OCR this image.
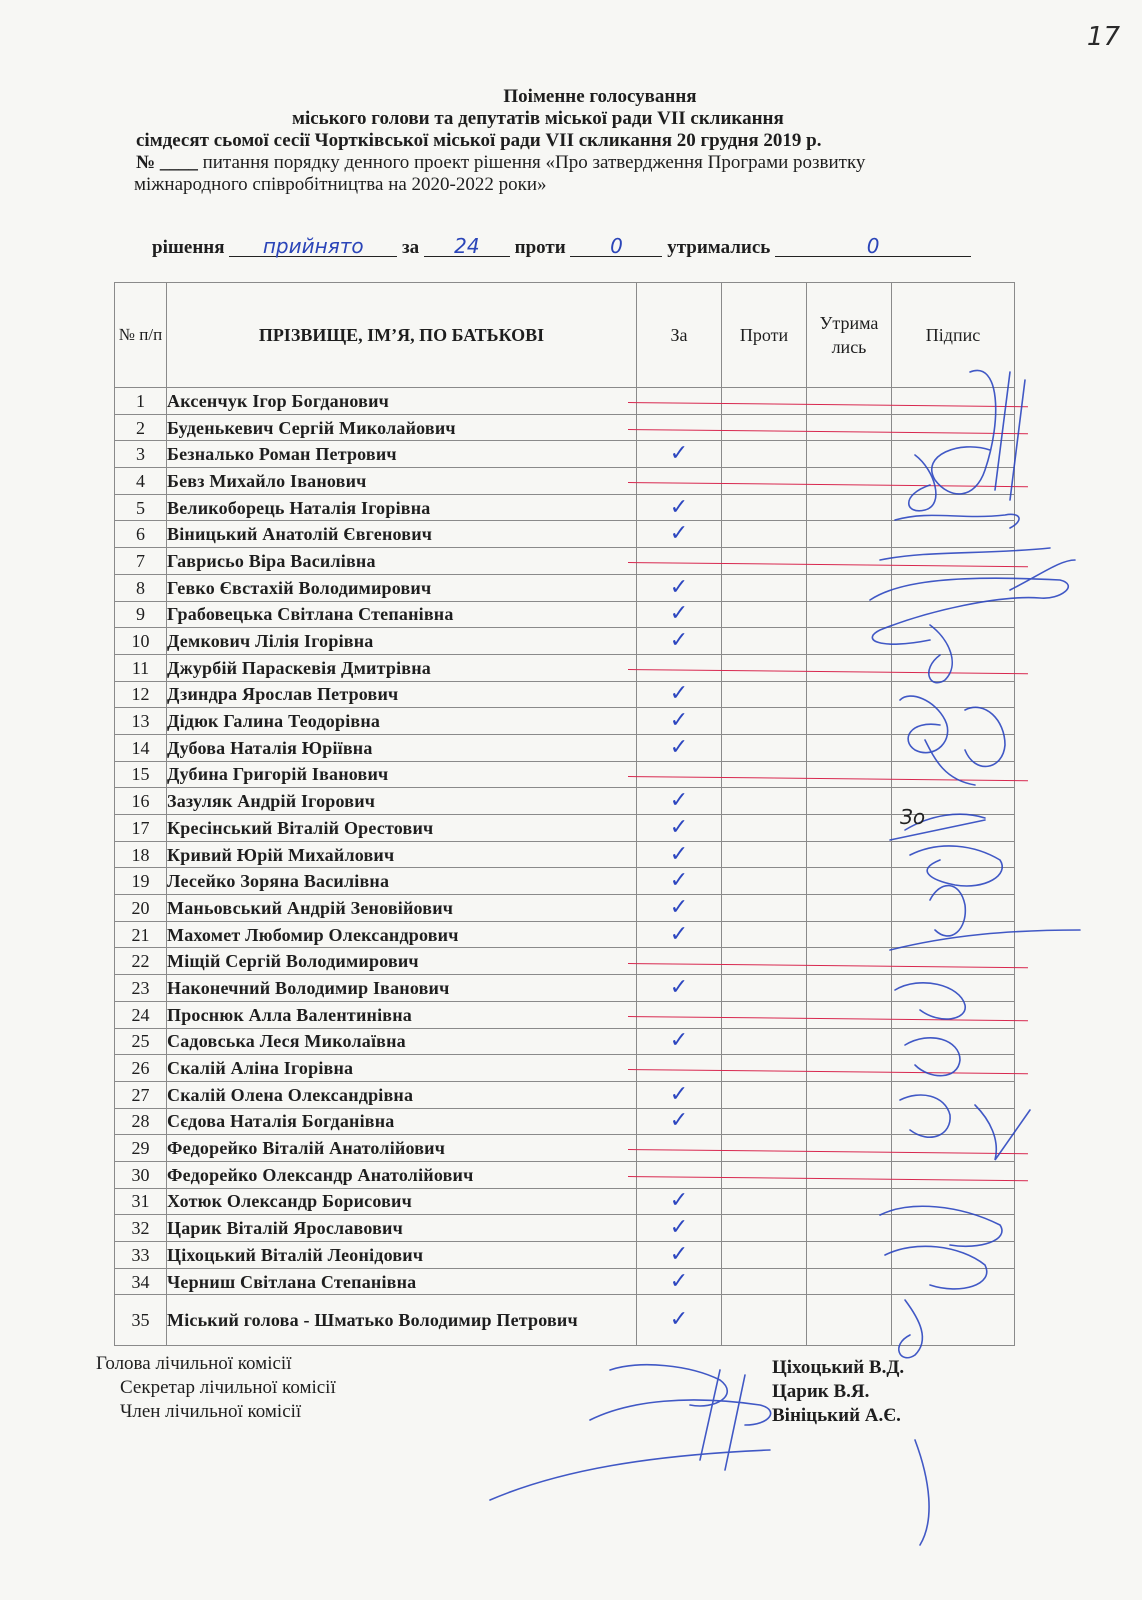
17
Поіменне голосування
міського голови та депутатів міської ради VII скликання
сімдесят сьомої сесії Чортківської міської ради VII скликання 20 грудня 2019 р.
№ ____ питання порядку денного проект рішення «Про затвердження Програми розвитку
міжнародного співробітництва на 2020-2022 роки»
рішення прийнято за 24 проти 0 утримались	0
№ п/п	ПРІЗВИЩЕ, ІМ’Я, ПО БАТЬКОВІ	За	Проти	Утримались	Підпис
1	Аксенчук Ігор Богданович				
2	Буденькевич Сергій Миколайович				
3	Безналько Роман Петрович	✓			
4	Бевз Михайло Іванович				
5	Великоборець Наталія Ігорівна	✓			
6	Віницький Анатолій Євгенович	✓			
7	Гаврисьо Віра Василівна				
8	Гевко Євстахій Володимирович	✓			
9	Грабовецька Світлана Степанівна	✓			
10	Демкович Лілія Ігорівна	✓			
11	Джурбій Параскевія Дмитрівна				
12	Дзиндра Ярослав Петрович	✓			
13	Дідюк Галина Теодорівна	✓			
14	Дубова Наталія Юріївна	✓			
15	Дубина Григорій Іванович				
16	Зазуляк Андрій Ігорович	✓			
17	Кресінський Віталій Орестович	✓			
18	Кривий Юрій Михайлович	✓			
19	Лесейко Зоряна Василівна	✓			
20	Маньовський Андрій Зеновійович	✓			
21	Махомет Любомир Олександрович	✓			
22	Міщій Сергій Володимирович				
23	Наконечний Володимир Іванович	✓			
24	Проснюк Алла Валентинівна				
25	Садовська Леся Миколаївна	✓			
26	Скалій Аліна Ігорівна				
27	Скалій Олена Олександрівна	✓			
28	Сєдова Наталія Богданівна	✓			
29	Федорейко Віталій Анатолійович				
30	Федорейко Олександр Анатолійович				
31	Хотюк Олександр Борисович	✓			
32	Царик Віталій Ярославович	✓			
33	Ціхоцький Віталій Леонідович	✓			
34	Черниш Світлана Степанівна	✓			
35	Міський голова - Шматько Володимир Петрович	✓			
Зо
Голова лічильної комісії
Секретар лічильної комісії
Член лічильної комісії
Ціхоцький В.Д.
Царик В.Я.
Вініцький А.Є.
